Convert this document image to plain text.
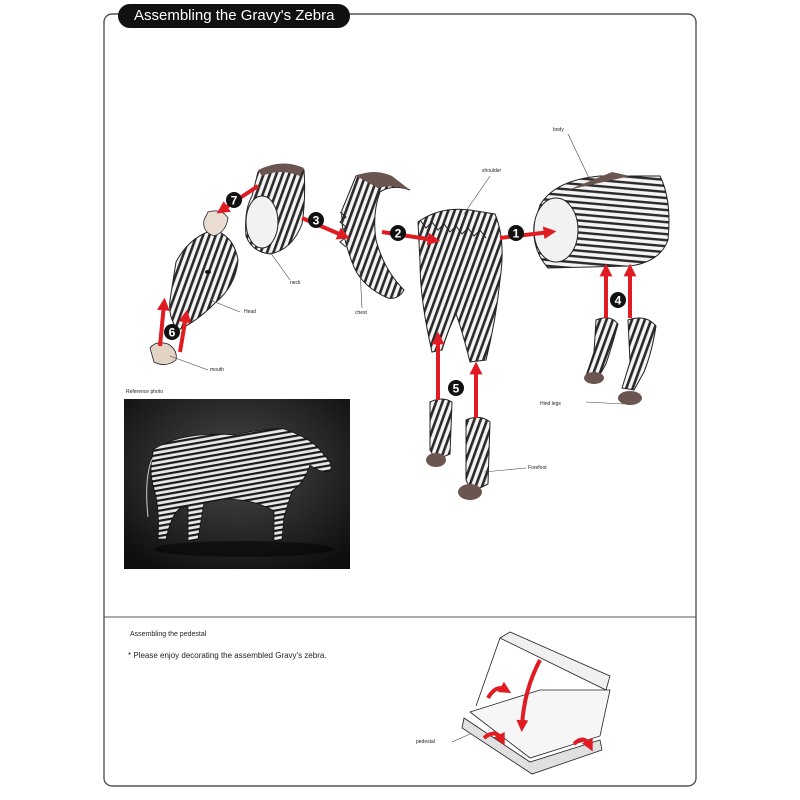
Assembling the Gravy's Zebra
1
2
3
4
5
6
7
body
shoulder
neck
chest
Head
mouth
Hind legs
Forefoot
Reference photo
Assembling the pedestal
* Please enjoy decorating the assembled Gravy's zebra.
pedestal
